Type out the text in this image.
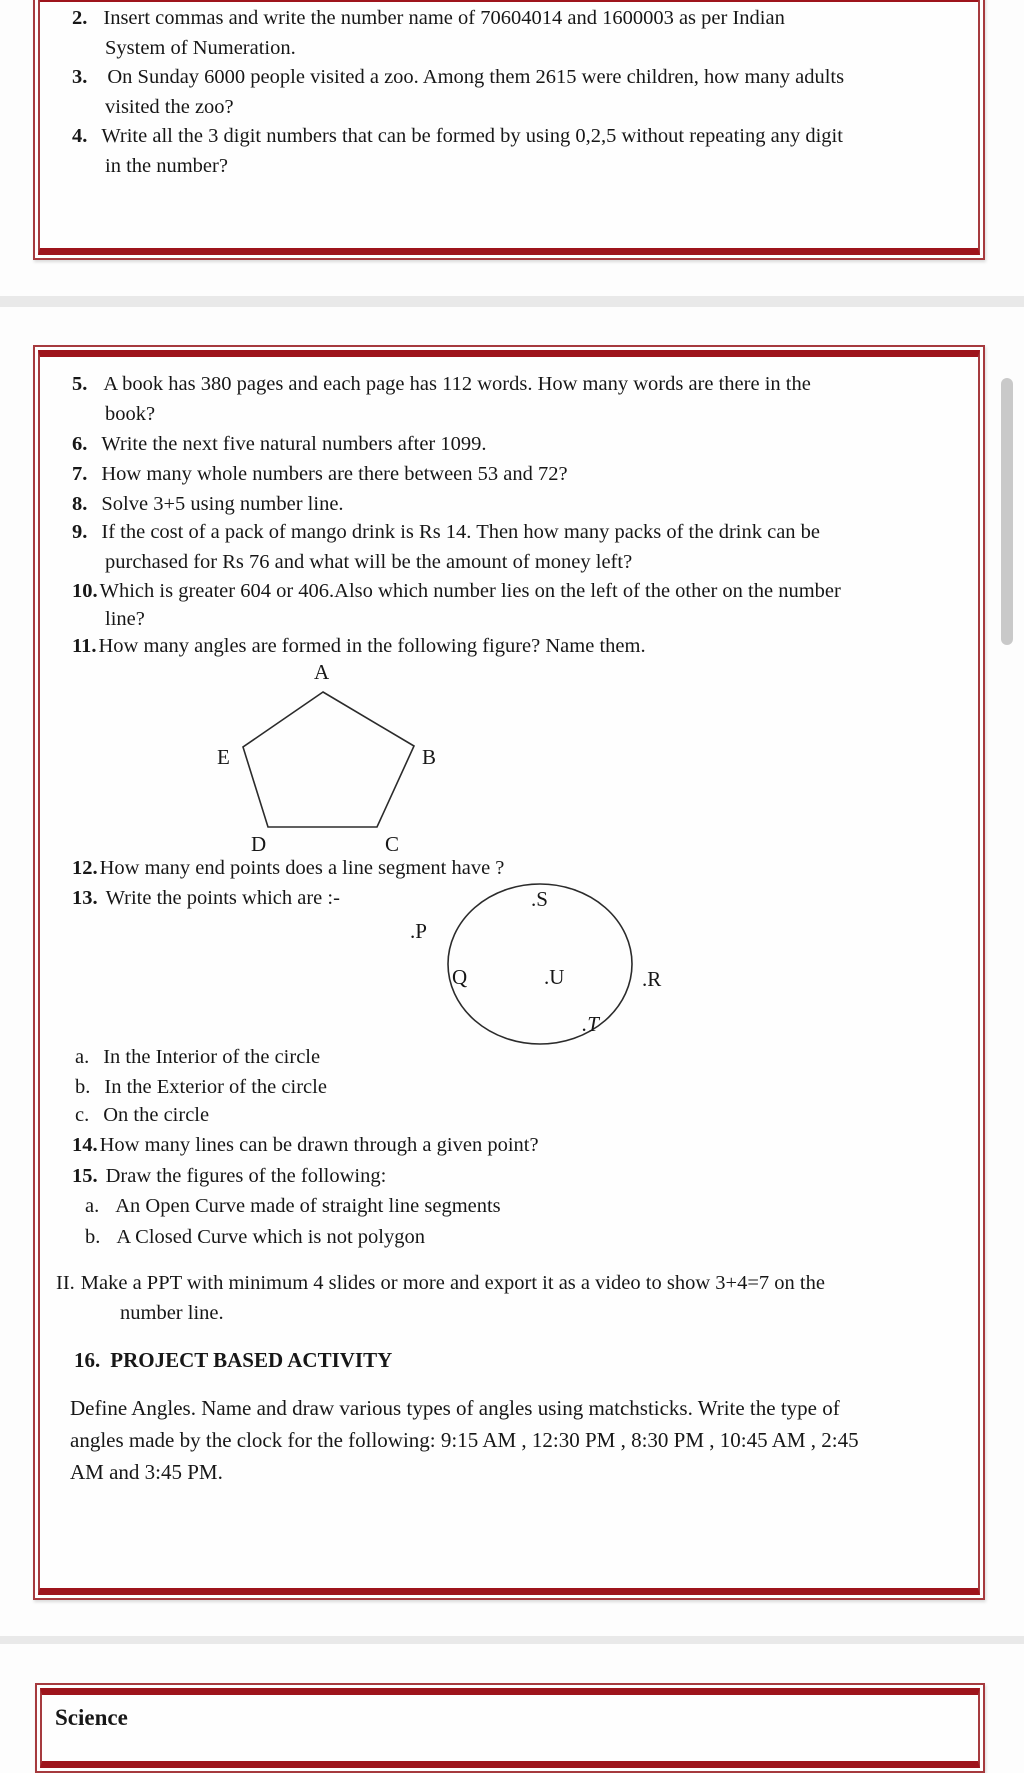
2. Insert commas and write the number name of 70604014 and 1600003 as per Indian
System of Numeration.
3. On Sunday 6000 people visited a zoo. Among them 2615 were children, how many adults
visited the zoo?
4. Write all the 3 digit numbers that can be formed by using 0,2,5 without repeating any digit
in the number?
5. A book has 380 pages and each page has 112 words. How many words are there in the
book?
6. Write the next five natural numbers after 1099.
7. How many whole numbers are there between 53 and 72?
8. Solve 3+5 using number line.
9. If the cost of a pack of mango drink is Rs 14. Then how many packs of the drink can be
purchased for Rs 76 and what will be the amount of money left?
10.Which is greater 604 or 406.Also which number lies on the left of the other on the number
line?
11.How many angles are formed in the following figure? Name them.
A
E	B
D	C
12.How many end points does a line segment have ?
13. Write the points which are :-	.S
.P
Q	.U	.R
.T
a. In the Interior of the circle
b. In the Exterior of the circle
c. On the circle
14.How many lines can be drawn through a given point?
15. Draw the figures of the following:
a. An Open Curve made of straight line segments
b. A Closed Curve which is not polygon
II. Make a PPT with minimum 4 slides or more and export it as a video to show 3+4=7 on the
number line.
16. PROJECT BASED ACTIVITY
Define Angles. Name and draw various types of angles using matchsticks. Write the type of
angles made by the clock for the following: 9:15 AM , 12:30 PM , 8:30 PM , 10:45 AM , 2:45
AM and 3:45 PM.
Science
